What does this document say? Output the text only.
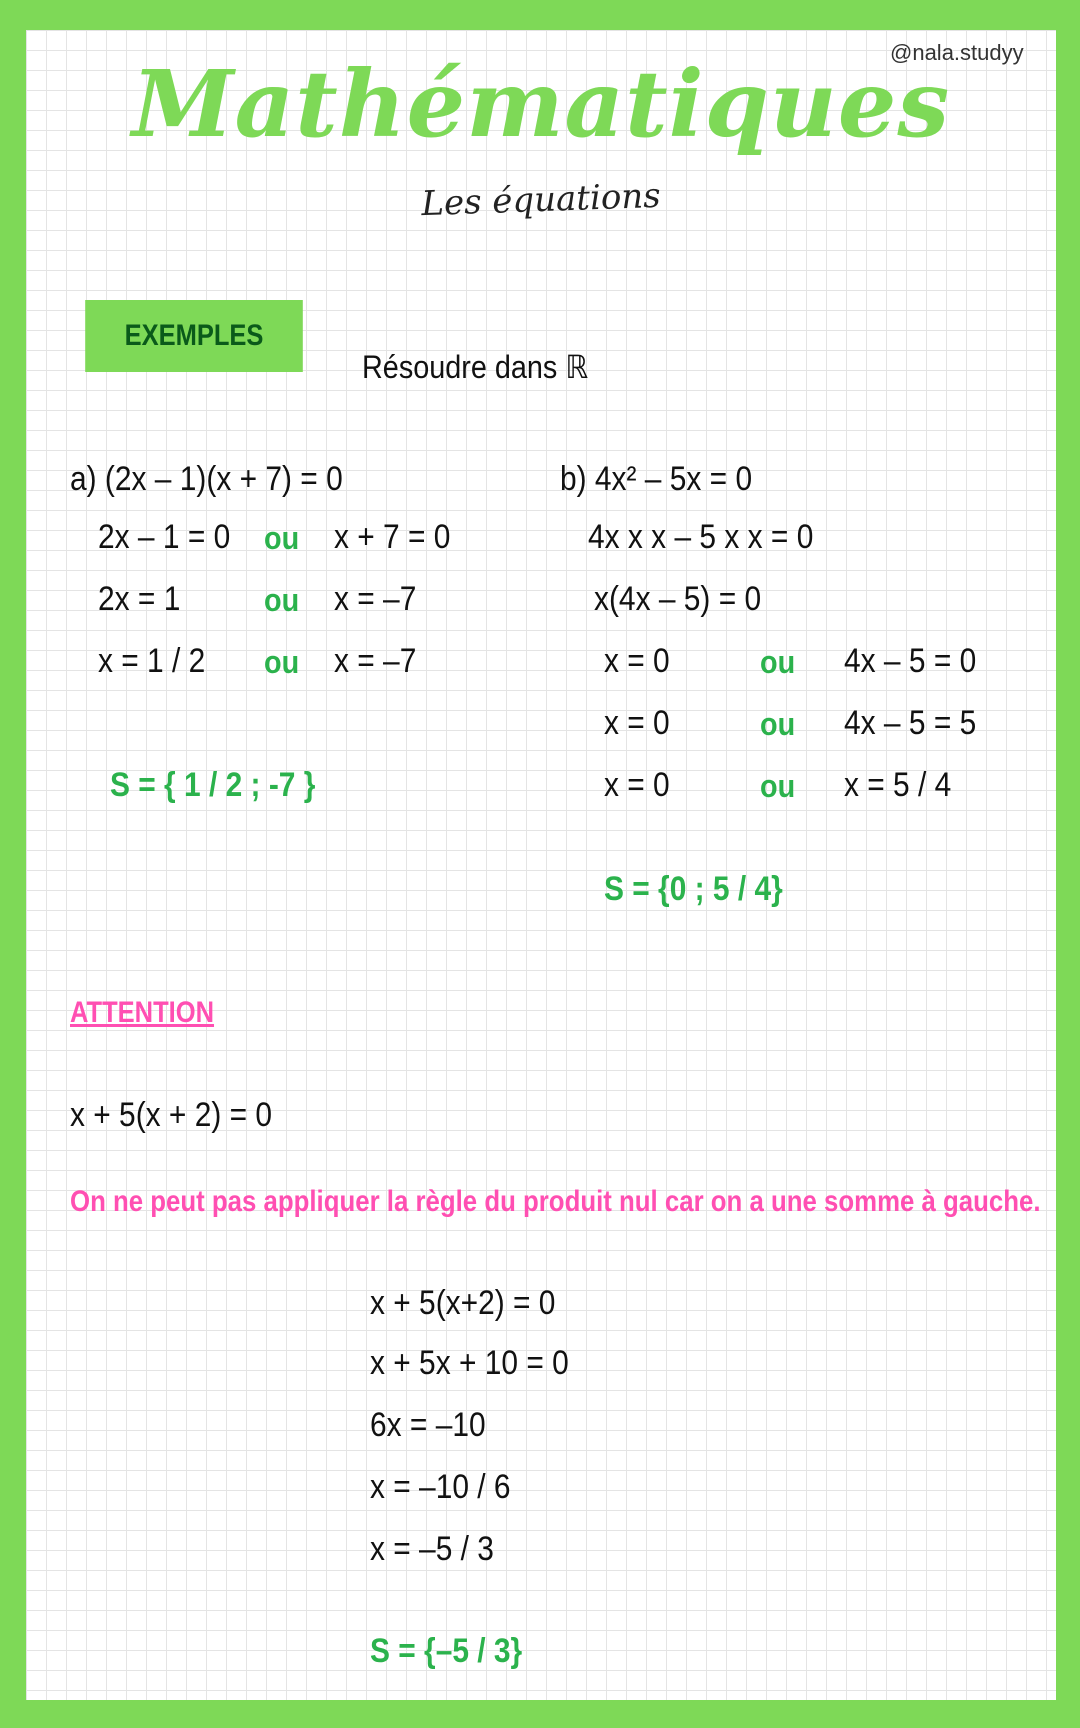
@nala.studyy
Mathématiques
Les équations
EXEMPLES
Résoudre dans ℝ
a) (2x – 1)(x + 7) = 0
2x – 1 = 0 ou x + 7 = 0
2x = 1	ou x = –7
x = 1 / 2 ou x = –7
S = { 1 / 2 ; -7 }
b) 4x² – 5x = 0
4x x x – 5 x x = 0
x(4x – 5) = 0
x = 0	ou 4x – 5 = 0
x = 0	ou 4x – 5 = 5
x = 0	ou x = 5 / 4
S = {0 ; 5 / 4}
ATTENTION
x + 5(x + 2) = 0
On ne peut pas appliquer la règle du produit nul car on a une somme à gauche.
x + 5(x+2) = 0
x + 5x + 10 = 0
6x = –10
x = –10 / 6
x = –5 / 3
S = {–5 / 3}
